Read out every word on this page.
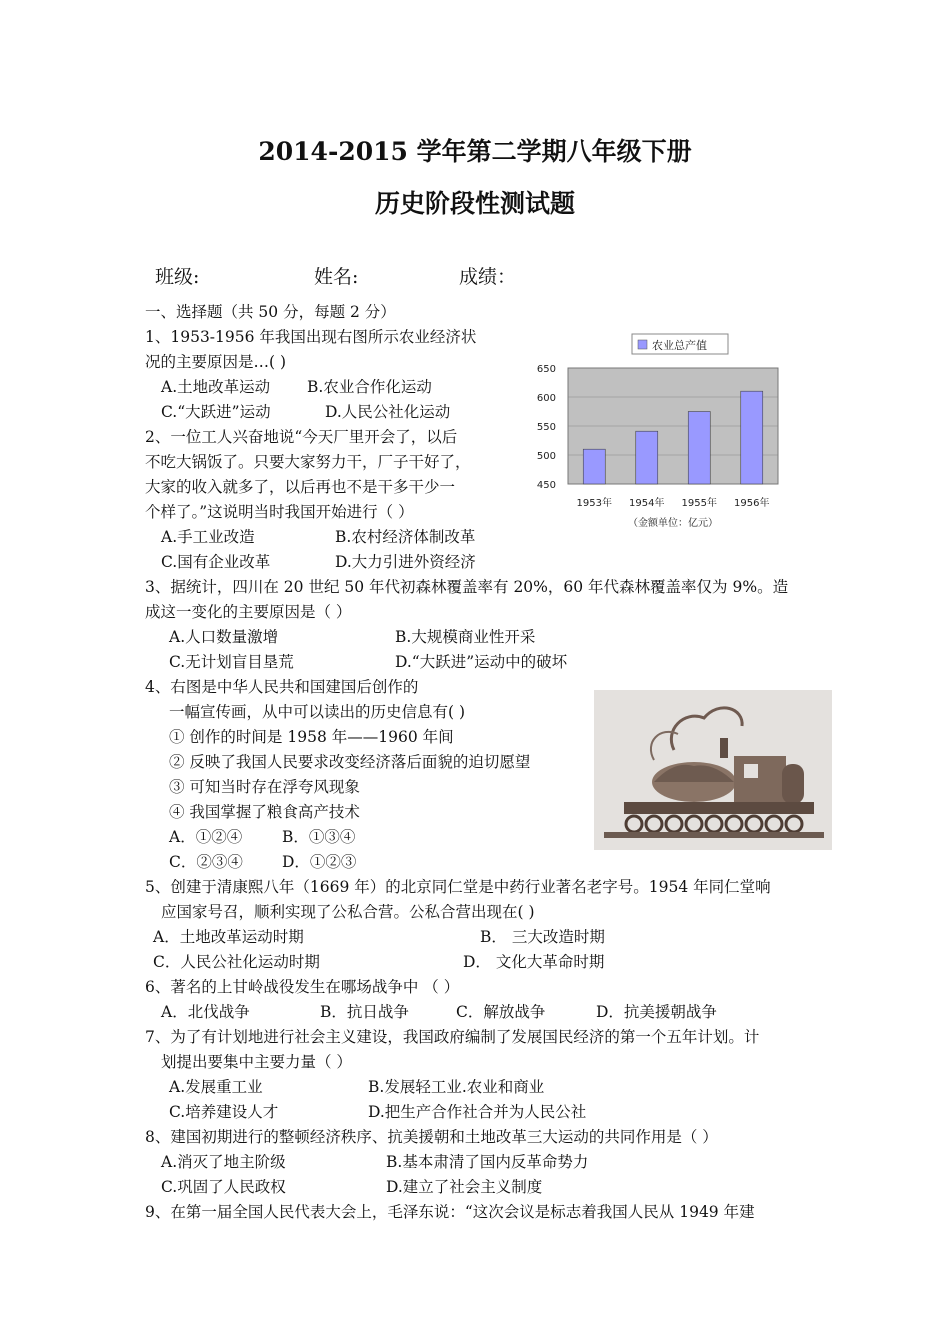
2014-2015 学年第二学期八年级下册
历史阶段性测试题
班级:	姓名:	成绩：
一、选择题（共 50 分，每题 2 分）
1、1953-1956 年我国出现右图所示农业经济状
况的主要原因是…( )
A.土地改革运动 B.农业合作化运动
C.“大跃进”运动	D.人民公社化运动
2、一位工人兴奋地说“今天厂里开会了，以后
不吃大锅饭了。只要大家努力干，厂子干好了，
大家的收入就多了，以后再也不是干多干少一
个样了。”这说明当时我国开始进行（ ）
A.手工业改造	B.农村经济体制改革
C.国有企业改革	D.大力引进外资经济
3、据统计，四川在 20 世纪 50 年代初森林覆盖率有 20%，60 年代森林覆盖率仅为 9%。造
成这一变化的主要原因是（ ）
A.人口数量激增	B.大规模商业性开采
C.无计划盲目垦荒	D.“大跃进”运动中的破坏
4、右图是中华人民共和国建国后创作的
一幅宣传画，从中可以读出的历史信息有( )
① 创作的时间是 1958 年——1960 年间
② 反映了我国人民要求改变经济落后面貌的迫切愿望
③ 可知当时存在浮夸风现象
④ 我国掌握了粮食高产技术
A．①②④	B．①③④
C．②③④	D．①②③
5、创建于清康熙八年（1669 年）的北京同仁堂是中药行业著名老字号。1954 年同仁堂响
应国家号召，顺利实现了公私合营。公私合营出现在( )
A．土地改革运动时期	B． 三大改造时期
C．人民公社化运动时期	D． 文化大革命时期
6、著名的上甘岭战役发生在哪场战争中 （ ）
A．北伐战争	B．抗日战争	C．解放战争	D．抗美援朝战争
7、为了有计划地进行社会主义建设，我国政府编制了发展国民经济的第一个五年计划。计
划提出要集中主要力量（ ）
A.发展重工业	B.发展轻工业.农业和商业
C.培养建设人才	D.把生产合作社合并为人民公社
8、建国初期进行的整顿经济秩序、抗美援朝和土地改革三大运动的共同作用是（ ）
A.消灭了地主阶级	B.基本肃清了国内反革命势力
C.巩固了人民政权	D.建立了社会主义制度
9、在第一届全国人民代表大会上，毛泽东说：“这次会议是标志着我国人民从 1949 年建
农业总产值
650
600
550
500
450
1953年 1954年 1955年 1956年
（金额单位：亿元）
